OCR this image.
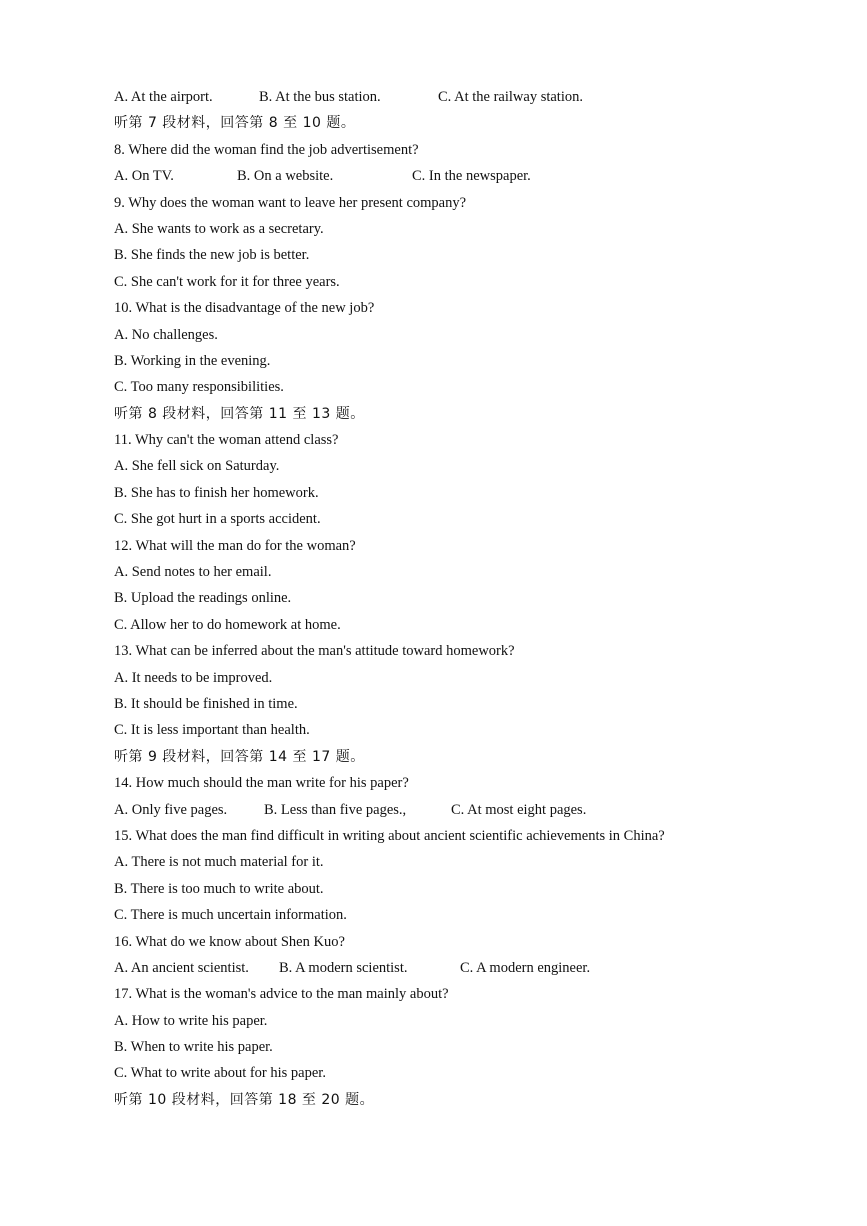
A. At the airport.	B. At the bus station.	C. At the railway station.
听第 7 段材料，回答第 8 至 10 题。
8. Where did the woman find the job advertisement?
A. On TV.	B. On a website.	C. In the newspaper.
9. Why does the woman want to leave her present company?
A. She wants to work as a secretary.
B. She finds the new job is better.
C. She can't work for it for three years.
10. What is the disadvantage of the new job?
A. No challenges.
B. Working in the evening.
C. Too many responsibilities.
听第 8 段材料，回答第 11 至 13 题。
11. Why can't the woman attend class?
A. She fell sick on Saturday.
B. She has to finish her homework.
C. She got hurt in a sports accident.
12. What will the man do for the woman?
A. Send notes to her email.
B. Upload the readings online.
C. Allow her to do homework at home.
13. What can be inferred about the man's attitude toward homework?
A. It needs to be improved.
B. It should be finished in time.
C. It is less important than health.
听第 9 段材料，回答第 14 至 17 题。
14. How much should the man write for his paper?
A. Only five pages.	B. Less than five pages.,	C. At most eight pages.
15. What does the man find difficult in writing about ancient scientific achievements in China?
A. There is not much material for it.
B. There is too much to write about.
C. There is much uncertain information.
16. What do we know about Shen Kuo?
A. An ancient scientist. B. A modern scientist.	C. A modern engineer.
17. What is the woman's advice to the man mainly about?
A. How to write his paper.
B. When to write his paper.
C. What to write about for his paper.
听第 10 段材料，回答第 18 至 20 题。
